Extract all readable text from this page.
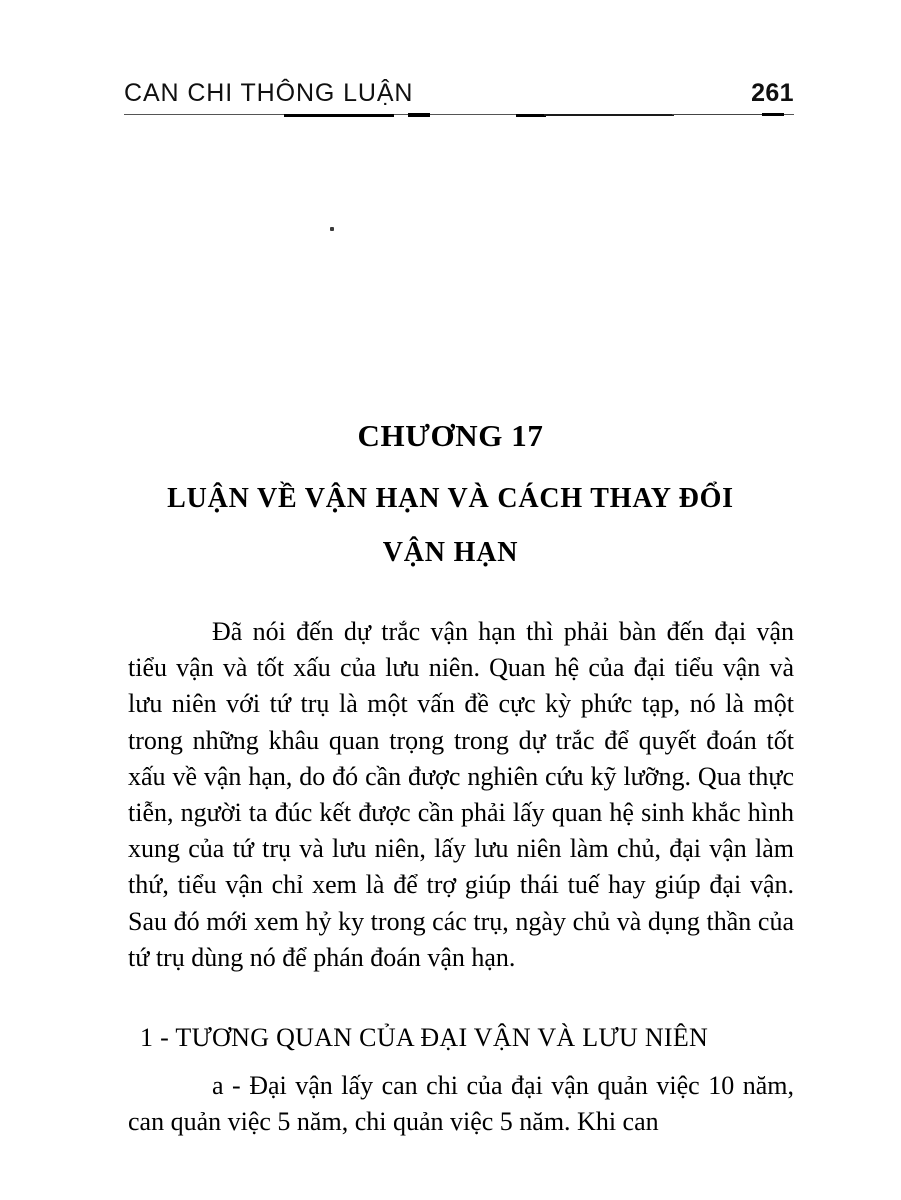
CAN CHI THÔNG LUẬN	261
CHƯƠNG 17
LUẬN VỀ VẬN HẠN VÀ CÁCH THAY ĐỔI
VẬN HẠN

Đã nói đến dự trắc vận hạn thì phải bàn đến đại vận tiểu vận và tốt xấu của lưu niên. Quan hệ của đại tiểu vận và lưu niên với tứ trụ là một vấn đề cực kỳ phức tạp, nó là một trong những khâu quan trọng trong dự trắc để quyết đoán tốt xấu về vận hạn, do đó cần được nghiên cứu kỹ lưỡng. Qua thực tiễn, người ta đúc kết được cần phải lấy quan hệ sinh khắc hình xung của tứ trụ và lưu niên, lấy lưu niên làm chủ, đại vận làm thứ, tiểu vận chỉ xem là để trợ giúp thái tuế hay giúp đại vận. Sau đó mới xem hỷ ky trong các trụ, ngày chủ và dụng thần của tứ trụ dùng nó để phán đoán vận hạn.

1 - TƯƠNG QUAN CỦA ĐẠI VẬN VÀ LƯU NIÊN

a - Đại vận lấy can chi của đại vận quản việc 10 năm, can quản việc 5 năm, chi quản việc 5 năm. Khi can
